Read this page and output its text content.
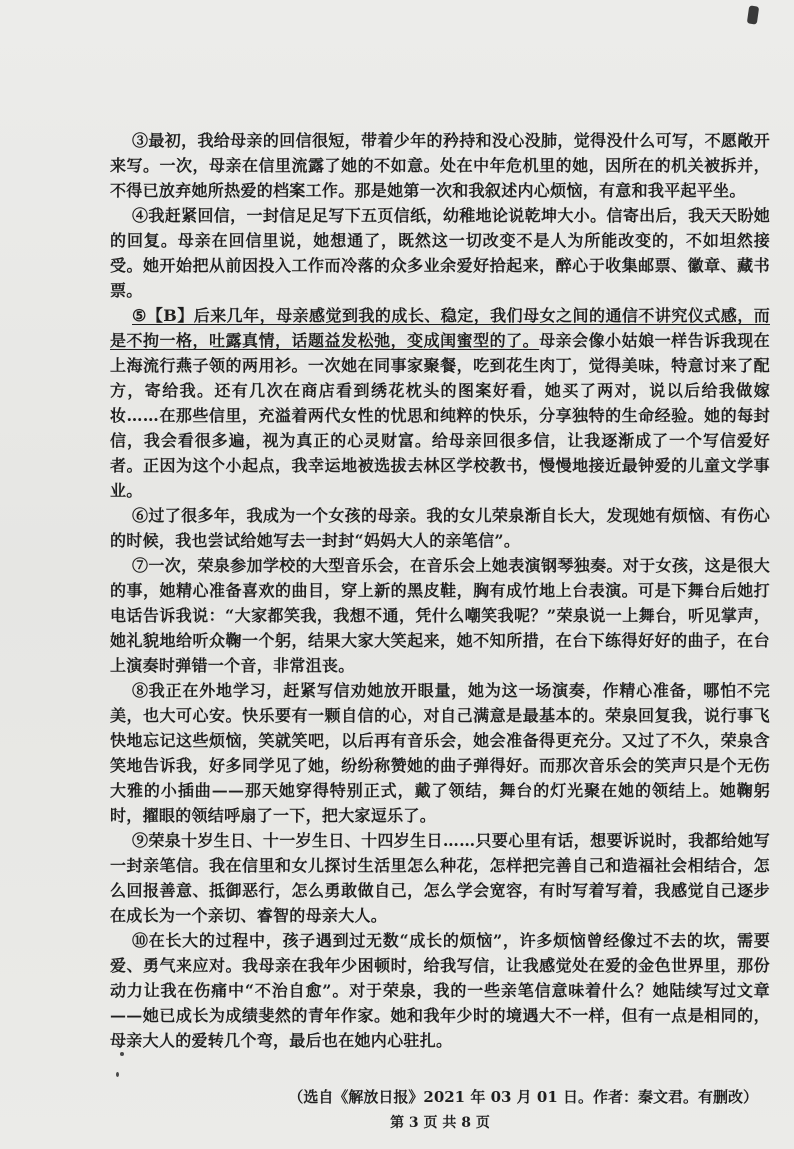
③最初，我给母亲的回信很短，带着少年的矜持和没心没肺，觉得没什么可写，不愿敞开来写。一次，母亲在信里流露了她的不如意。处在中年危机里的她，因所在的机关被拆并，不得已放弃她所热爱的档案工作。那是她第一次和我叙述内心烦恼，有意和我平起平坐。

④我赶紧回信，一封信足足写下五页信纸，幼稚地论说乾坤大小。信寄出后，我天天盼她的回复。母亲在回信里说，她想通了，既然这一切改变不是人为所能改变的，不如坦然接受。她开始把从前因投入工作而冷落的众多业余爱好拾起来，醉心于收集邮票、徽章、藏书票。

⑤【B】后来几年，母亲感觉到我的成长、稳定，我们母女之间的通信不讲究仪式感，而是不拘一格，吐露真情，话题益发松弛，变成闺蜜型的了。母亲会像小姑娘一样告诉我现在上海流行燕子领的两用衫。一次她在同事家聚餐，吃到花生肉丁，觉得美味，特意讨来了配方，寄给我。还有几次在商店看到绣花枕头的图案好看，她买了两对，说以后给我做嫁妆……在那些信里，充溢着两代女性的忧思和纯粹的快乐，分享独特的生命经验。她的每封信，我会看很多遍，视为真正的心灵财富。给母亲回很多信，让我逐渐成了一个写信爱好者。正因为这个小起点，我幸运地被选拔去林区学校教书，慢慢地接近最钟爱的儿童文学事业。

⑥过了很多年，我成为一个女孩的母亲。我的女儿荣泉渐自长大，发现她有烦恼、有伤心的时候，我也尝试给她写去一封封“妈妈大人的亲笔信”。

⑦一次，荣泉参加学校的大型音乐会，在音乐会上她表演钢琴独奏。对于女孩，这是很大的事，她精心准备喜欢的曲目，穿上新的黑皮鞋，胸有成竹地上台表演。可是下舞台后她打电话告诉我说：“大家都笑我，我想不通，凭什么嘲笑我呢？”荣泉说一上舞台，听见掌声，她礼貌地给听众鞠一个躬，结果大家大笑起来，她不知所措，在台下练得好好的曲子，在台上演奏时弹错一个音，非常沮丧。

⑧我正在外地学习，赶紧写信劝她放开眼量，她为这一场演奏，作精心准备，哪怕不完美，也大可心安。快乐要有一颗自信的心，对自己满意是最基本的。荣泉回复我，说行事飞快地忘记这些烦恼，笑就笑吧，以后再有音乐会，她会准备得更充分。又过了不久，荣泉含笑地告诉我，好多同学见了她，纷纷称赞她的曲子弹得好。而那次音乐会的笑声只是个无伤大雅的小插曲——那天她穿得特别正式，戴了领结，舞台的灯光聚在她的领结上。她鞠躬时，擢眼的领结呼扇了一下，把大家逗乐了。

⑨荣泉十岁生日、十一岁生日、十四岁生日……只要心里有话，想要诉说时，我都给她写一封亲笔信。我在信里和女儿探讨生活里怎么种花，怎样把完善自己和造福社会相结合，怎么回报善意、抵御恶行，怎么勇敢做自己，怎么学会宽容，有时写着写着，我感觉自己逐步在成长为一个亲切、睿智的母亲大人。

⑩在长大的过程中，孩子遇到过无数“成长的烦恼”，许多烦恼曾经像过不去的坎，需要爱、勇气来应对。我母亲在我年少困顿时，给我写信，让我感觉处在爱的金色世界里，那份动力让我在伤痛中“不治自愈”。对于荣泉，我的一些亲笔信意味着什么？她陆续写过文章——她已成长为成绩斐然的青年作家。她和我年少时的境遇大不一样，但有一点是相同的，母亲大人的爱转几个弯，最后也在她内心驻扎。

（选自《解放日报》2021 年 03 月 01 日。作者：秦文君。有删改）
第 3 页 共 8 页
